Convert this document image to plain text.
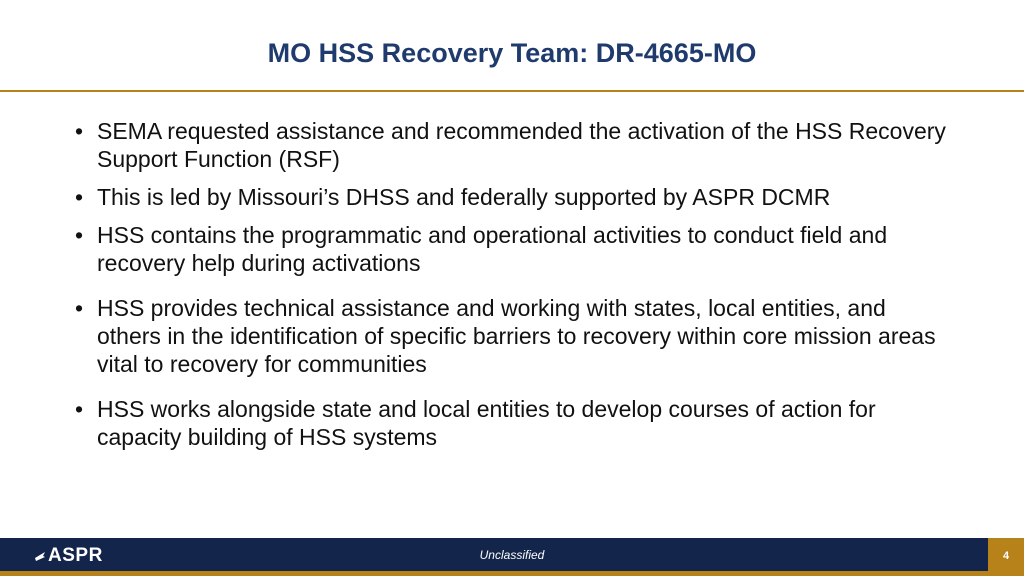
MO HSS Recovery Team: DR-4665-MO
• SEMA requested assistance and recommended the activation of the HSS Recovery Support Function (RSF)
• This is led by Missouri’s DHSS and federally supported by ASPR DCMR
• HSS contains the programmatic and operational activities to conduct field and recovery help during activations
• HSS provides technical assistance and working with states, local entities, and others in the identification of specific barriers to recovery within core mission areas vital to recovery for communities
• HSS works alongside state and local entities to develop courses of action for capacity building of HSS systems
ASPR	Unclassified	4
